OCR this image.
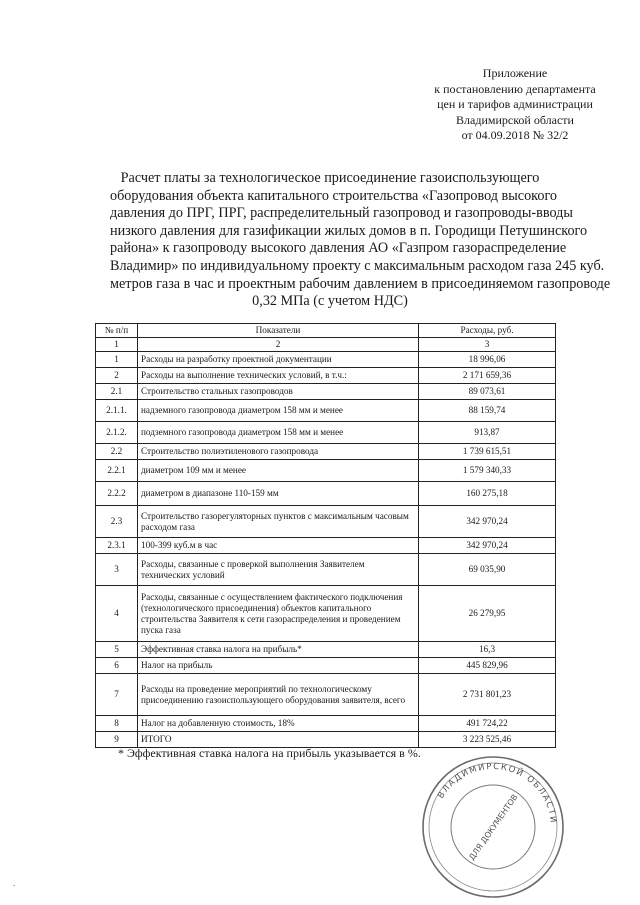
Приложение
к постановлению департамента
цен и тарифов администрации
Владимирской области
от 04.09.2018 № 32/2
Расчет платы за технологическое присоединение газоиспользующего
оборудования объекта капитального строительства «Газопровод высокого
давления до ПРГ, ПРГ, распределительный газопровод и газопроводы-вводы
низкого давления для газификации жилых домов в п. Городищи Петушинского
района» к газопроводу высокого давления АО «Газпром газораспределение
Владимир» по индивидуальному проекту с максимальным расходом газа 245 куб.
метров газа в час и проектным рабочим давлением в присоединяемом газопроводе
0,32 МПа (с учетом НДС)
№ п/п	Показатели	Расходы, руб.
1	2	3
1	Расходы на разработку проектной документации	18 996,06
2	Расходы на выполнение технических условий, в т.ч.:	2 171 659,36
2.1	Строительство стальных газопроводов	89 073,61
2.1.1.	надземного газопровода диаметром 158 мм и менее	88 159,74
2.1.2.	подземного газопровода диаметром 158 мм и менее	913,87
2.2	Строительство полиэтиленового газопровода	1 739 615,51
2.2.1	диаметром 109 мм и менее	1 579 340,33
2.2.2	диаметром в диапазоне 110-159 мм	160 275,18
2.3	Строительство газорегуляторных пунктов с максимальным часовым расходом газа	342 970,24
2.3.1	100-399 куб.м в час	342 970,24
3	Расходы, связанные с проверкой выполнения Заявителем технических условий	69 035,90
4	Расходы, связанные с осуществлением фактического подключения (технологического присоединения) объектов капитального строительства Заявителя к сети газораспределения и проведением пуска газа	26 279,95
5	Эффективная ставка налога на прибыль*	16,3
6	Налог на прибыль	445 829,96
7	Расходы на проведение мероприятий по технологическому присоединению газоиспользующего оборудования заявителя, всего	2 731 801,23
8	Налог на добавленную стоимость, 18%	491 724,22
9	ИТОГО	3 223 525,46
* Эффективная ставка налога на прибыль указывается в %.
ВЛАДИМИРСКОЙ ОБЛАСТИ
ДЛЯ ДОКУМЕНТОВ
.
